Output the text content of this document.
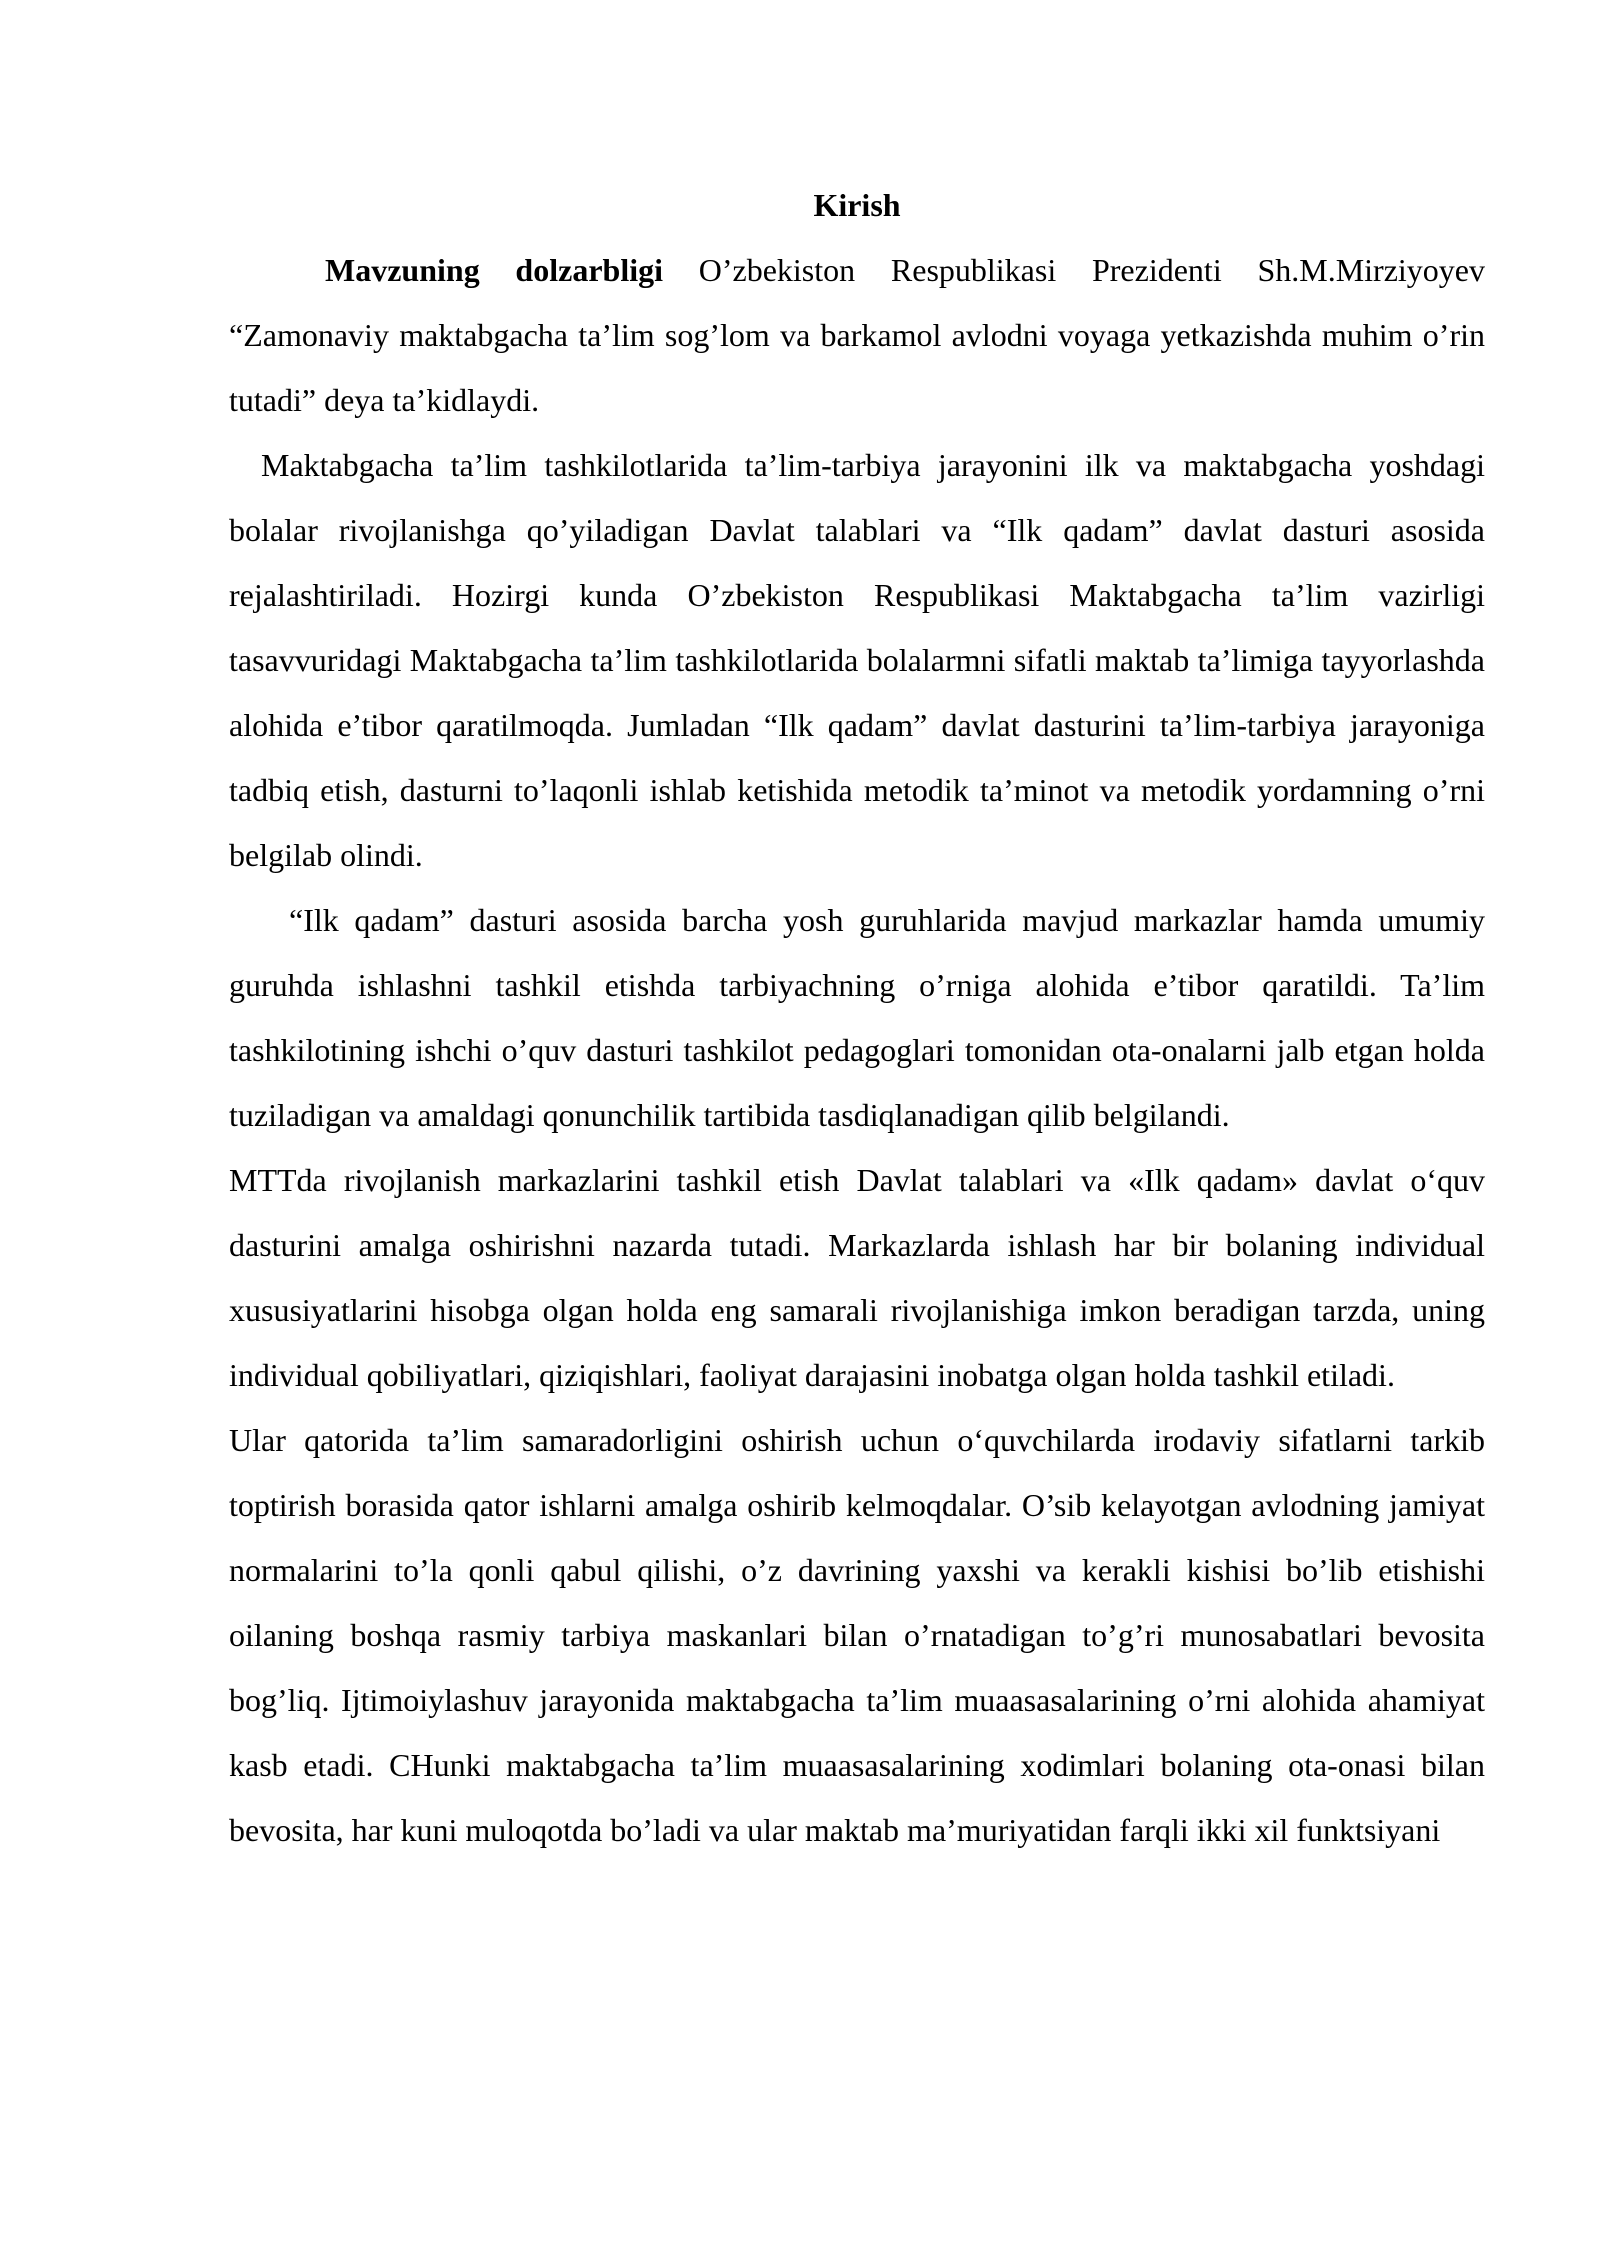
Kirish

Mavzuning dolzarbligi O’zbekiston Respublikasi Prezidenti Sh.M.Mirziyoyev “Zamonaviy maktabgacha ta’lim sog’lom va barkamol avlodni voyaga yetkazishda muhim o’rin tutadi” deya ta’kidlaydi.

Maktabgacha ta’lim tashkilotlarida ta’lim-tarbiya jarayonini ilk va maktabgacha yoshdagi bolalar rivojlanishga qo’yiladigan Davlat talablari va “Ilk qadam” davlat dasturi asosida rejalashtiriladi. Hozirgi kunda O’zbekiston Respublikasi Maktabgacha ta’lim vazirligi tasavvuridagi Maktabgacha ta’lim tashkilotlarida bolalarmni sifatli maktab ta’limiga tayyorlashda alohida e’tibor qaratilmoqda. Jumladan “Ilk qadam” davlat dasturini ta’lim-tarbiya jarayoniga tadbiq etish, dasturni to’laqonli ishlab ketishida metodik ta’minot va metodik yordamning o’rni belgilab olindi.

“Ilk qadam” dasturi asosida barcha yosh guruhlarida mavjud markazlar hamda umumiy guruhda ishlashni tashkil etishda tarbiyachning o’rniga alohida e’tibor qaratildi. Ta’lim tashkilotining ishchi o’quv dasturi tashkilot pedagoglari tomonidan ota-onalarni jalb etgan holda tuziladigan va amaldagi qonunchilik tartibida tasdiqlanadigan qilib belgilandi.

MTTda rivojlanish markazlarini tashkil etish Davlat talablari va «Ilk qadam» davlat o‘quv dasturini amalga oshirishni nazarda tutadi. Markazlarda ishlash har bir bolaning individual xususiyatlarini hisobga olgan holda eng samarali rivojlanishiga imkon beradigan tarzda, uning individual qobiliyatlari, qiziqishlari, faoliyat darajasini inobatga olgan holda tashkil etiladi.

Ular qatorida ta’lim samaradorligini oshirish uchun o‘quvchilarda irodaviy sifatlarni tarkib toptirish borasida qator ishlarni amalga oshirib kelmoqdalar. O’sib kelayotgan avlodning jamiyat normalarini to’la qonli qabul qilishi, o’z davrining yaxshi va kerakli kishisi bo’lib etishishi oilaning boshqa rasmiy tarbiya maskanlari bilan o’rnatadigan to’g’ri munosabatlari bevosita bog’liq. Ijtimoiylashuv jarayonida maktabgacha ta’lim muaasasalarining o’rni alohida ahamiyat kasb etadi. CHunki maktabgacha ta’lim muaasasalarining xodimlari bolaning ota-onasi bilan bevosita, har kuni muloqotda bo’ladi va ular maktab ma’muriyatidan farqli ikki xil funktsiyani
